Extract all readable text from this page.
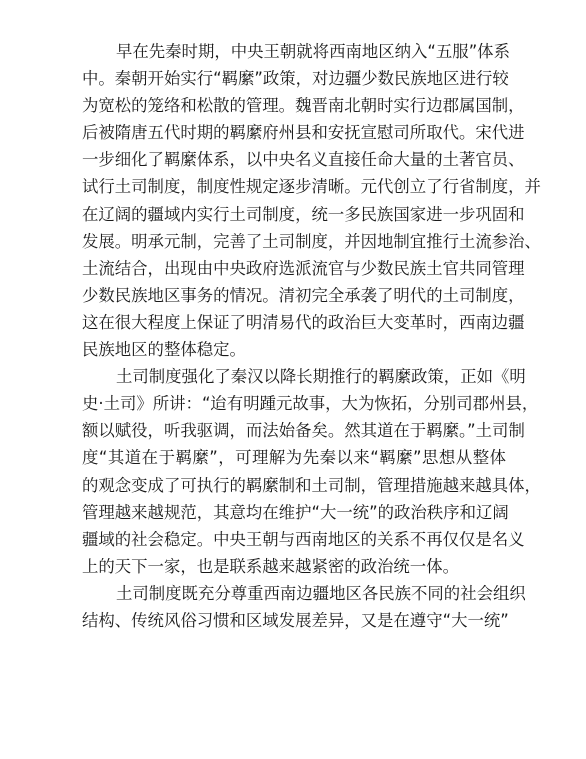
早在先秦时期，中央王朝就将西南地区纳入“五服”体系
中。秦朝开始实行“羁縻”政策，对边疆少数民族地区进行较
为宽松的笼络和松散的管理。魏晋南北朝时实行边郡属国制，
后被隋唐五代时期的羁縻府州县和安抚宣慰司所取代。宋代进
一步细化了羁縻体系，以中央名义直接任命大量的土著官员、
试行土司制度，制度性规定逐步清晰。元代创立了行省制度，并
在辽阔的疆域内实行土司制度，统一多民族国家进一步巩固和
发展。明承元制，完善了土司制度，并因地制宜推行土流参治、
土流结合，出现由中央政府选派流官与少数民族土官共同管理
少数民族地区事务的情况。清初完全承袭了明代的土司制度，
这在很大程度上保证了明清易代的政治巨大变革时，西南边疆
民族地区的整体稳定。
土司制度强化了秦汉以降长期推行的羁縻政策，正如《明
史·土司》所讲：“迨有明踵元故事，大为恢拓，分别司郡州县，
额以赋役，听我驱调，而法始备矣。然其道在于羁縻。”土司制
度“其道在于羁縻”，可理解为先秦以来“羁縻”思想从整体
的观念变成了可执行的羁縻制和土司制，管理措施越来越具体，
管理越来越规范，其意均在维护“大一统”的政治秩序和辽阔
疆域的社会稳定。中央王朝与西南地区的关系不再仅仅是名义
上的天下一家，也是联系越来越紧密的政治统一体。
土司制度既充分尊重西南边疆地区各民族不同的社会组织
结构、传统风俗习惯和区域发展差异，又是在遵守“大一统”
